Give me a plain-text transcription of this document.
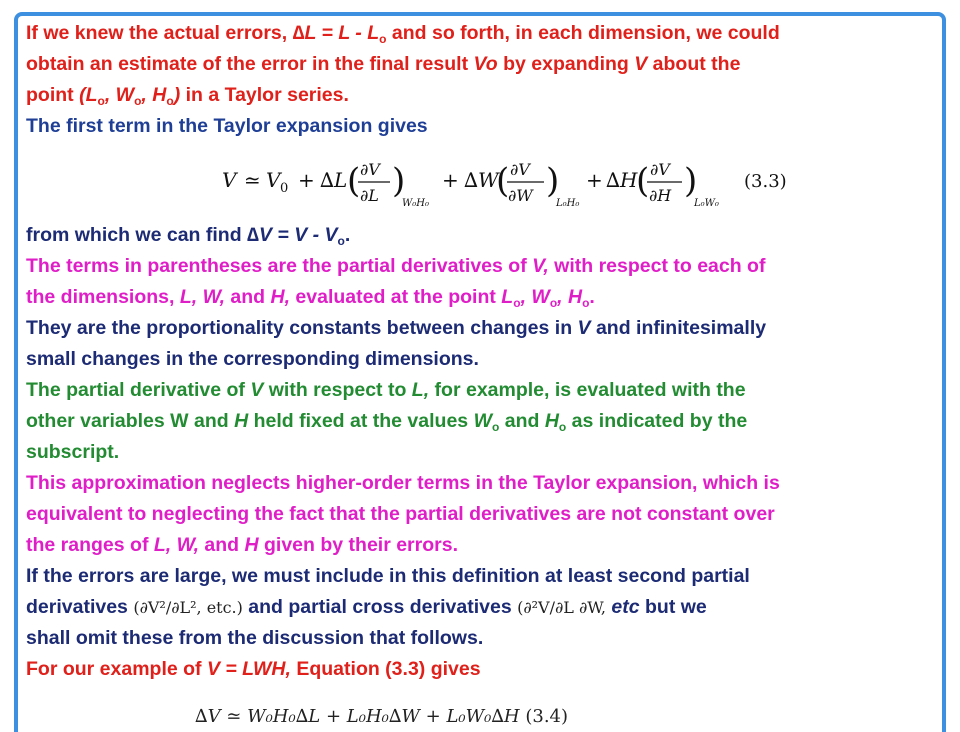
If we knew the actual errors, $\Delta L = L - L_o$ and so forth, in each dimension, we could
obtain an estimate of the error in the final result Vo by expanding V about the
point ($L_o$, $W_o$, $H_o$) in a Taylor series.
The first term in the Taylor expansion gives
V ≃ V 0 + ∆L ( ∂V
∂L )
W₀H₀
+ ∆W
( ∂V
∂W )
L₀H₀
+ ∆H
( ∂V
∂H )
L₀W₀
(3.3)
from which we can find $\Delta V = V - V_o$.
The terms in parentheses are the partial derivatives of V, with respect to each of
the dimensions, L, W, and H, evaluated at the point $L_o$, $W_o$, $H_o$.
They are the proportionality constants between changes in V and infinitesimally
small changes in the corresponding dimensions.
The partial derivative of V with respect to L, for example, is evaluated with the
other variables W and H held fixed at the values $W_o$ and $H_o$ as indicated by the
subscript.
This approximation neglects higher-order terms in the Taylor expansion, which is
equivalent to neglecting the fact that the partial derivatives are not constant over
the ranges of L, W, and H given by their errors.
If the errors are large, we must include in this definition at least second partial
derivatives (∂V²/∂L², etc.) and partial cross derivatives (∂²V/∂L ∂W, etc but we
shall omit these from the discussion that follows.
For our example of V = LWH, Equation (3.3) gives
∆V ≃ W₀H₀∆L + L₀H₀∆W + L₀W₀∆H (3.4)
